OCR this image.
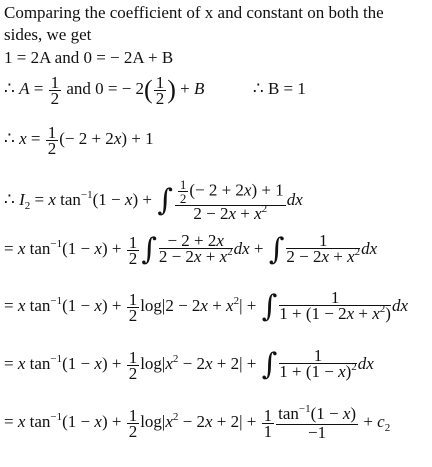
Comparing the coefficient of x and constant on both the
sides, we get
1 = 2A and 0 = − 2A + B
∴ $A = \frac{1}{2}$ and 0 = − $2( \frac{1}{2}$ ) + B	∴ B = 1
∴ $x = \frac{1}{2}$ (− 2 + 2x) + 1
∴ $I_2 = x$ $\tan^{-1}(1 - x)$ + ∫ $\frac{\frac{1}{2} (- 2 + 2x) + 1}{2 - 2x + x^2}$ dx
= x $\tan^{-1}(1 - x) + \frac{1}{2}$ ∫ $\frac{- 2 + 2x}{2 - 2x + x^2}$ dx + ∫ $\frac{1}{2 - 2x + x^2}$ dx
= x $\tan^{-1}(1 - x) + \frac{1}{2} \log|2 - 2x + x^2|$ + ∫ $\frac{1}{1 + (1 - 2x + x^2)}$ dx
= x $\tan^{-1}(1 - x) + \frac{1}{2} \log|x^2 - 2x + 2|$ + ∫ $\frac{1}{1 + (1 - x)^2}$ dx
= x $\tan^{-1}(1 - x) + \frac{1}{2} \log|x^2 - 2x + 2| + \frac{1}{1} \frac{\tan^{-1}(1 - x)}{-1} + c_2$
